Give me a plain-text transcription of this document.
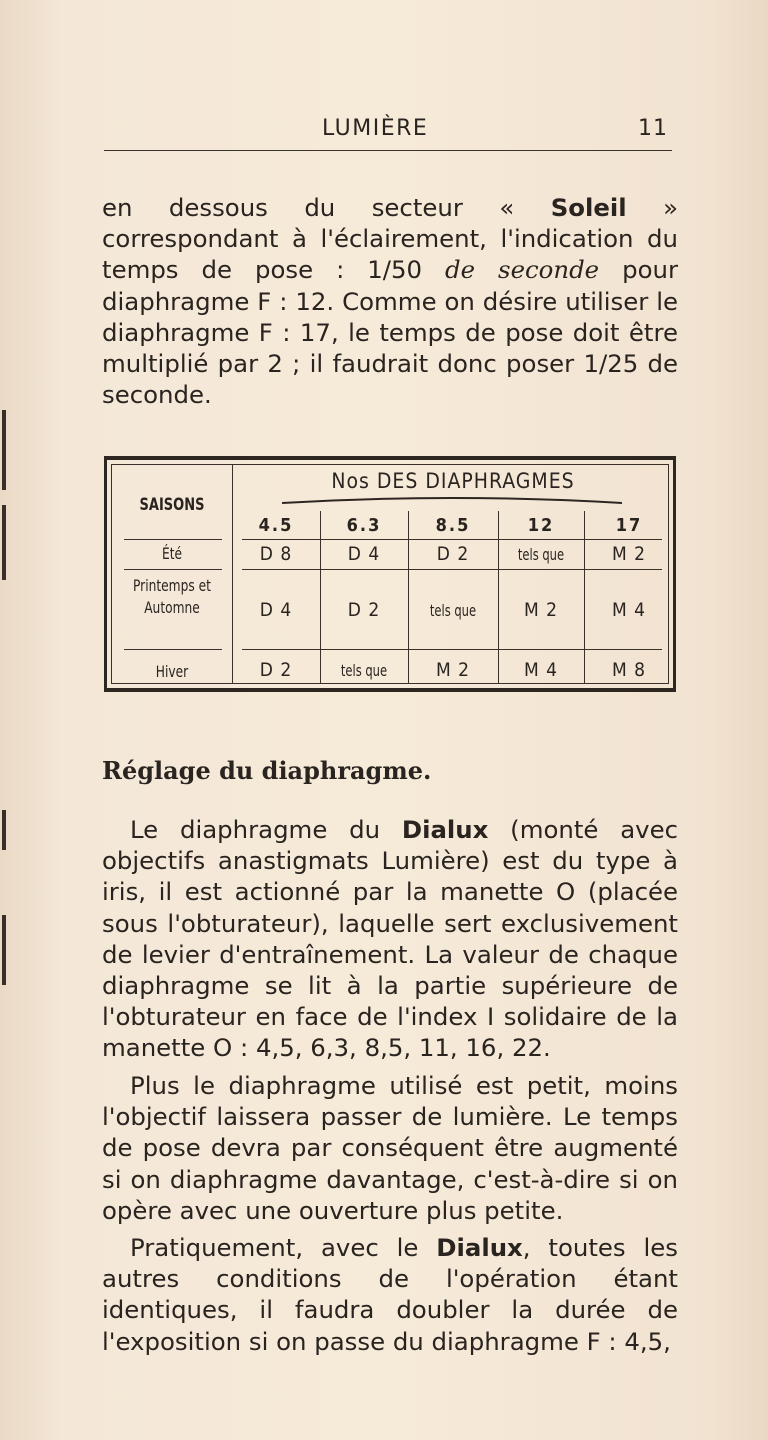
LUMIÈRE	11
en dessous du secteur « Soleil » correspondant à l'éclairement, l'indication du temps de pose : 1/50 de seconde pour diaphragme F : 12. Comme on désire utiliser le diaphragme F : 17, le temps de pose doit être multiplié par 2 ; il faudrait donc poser 1/25 de seconde.
SAISONS
Nos DES DIAPHRAGMES
4.5	6.3	8.5	12	17
Été	D 8	D 4	D 2	tels que	M 2
Printemps et Automne	D 4	D 2	tels que	M 2	M 4
Hiver	D 2	tels que	M 2	M 4	M 8
Réglage du diaphragme.
Le diaphragme du Dialux (monté avec objectifs anastigmats Lumière) est du type à iris, il est actionné par la manette O (placée sous l'obturateur), laquelle sert exclusivement de levier d'entraînement. La valeur de chaque diaphragme se lit à la partie supérieure de l'obturateur en face de l'index I solidaire de la manette O : 4,5, 6,3, 8,5, 11, 16, 22.
Plus le diaphragme utilisé est petit, moins l'objectif laissera passer de lumière. Le temps de pose devra par conséquent être augmenté si on diaphragme davantage, c'est-à-dire si on opère avec une ouverture plus petite.
Pratiquement, avec le Dialux, toutes les autres conditions de l'opération étant identiques, il faudra doubler la durée de l'exposition si on passe du diaphragme F : 4,5,
